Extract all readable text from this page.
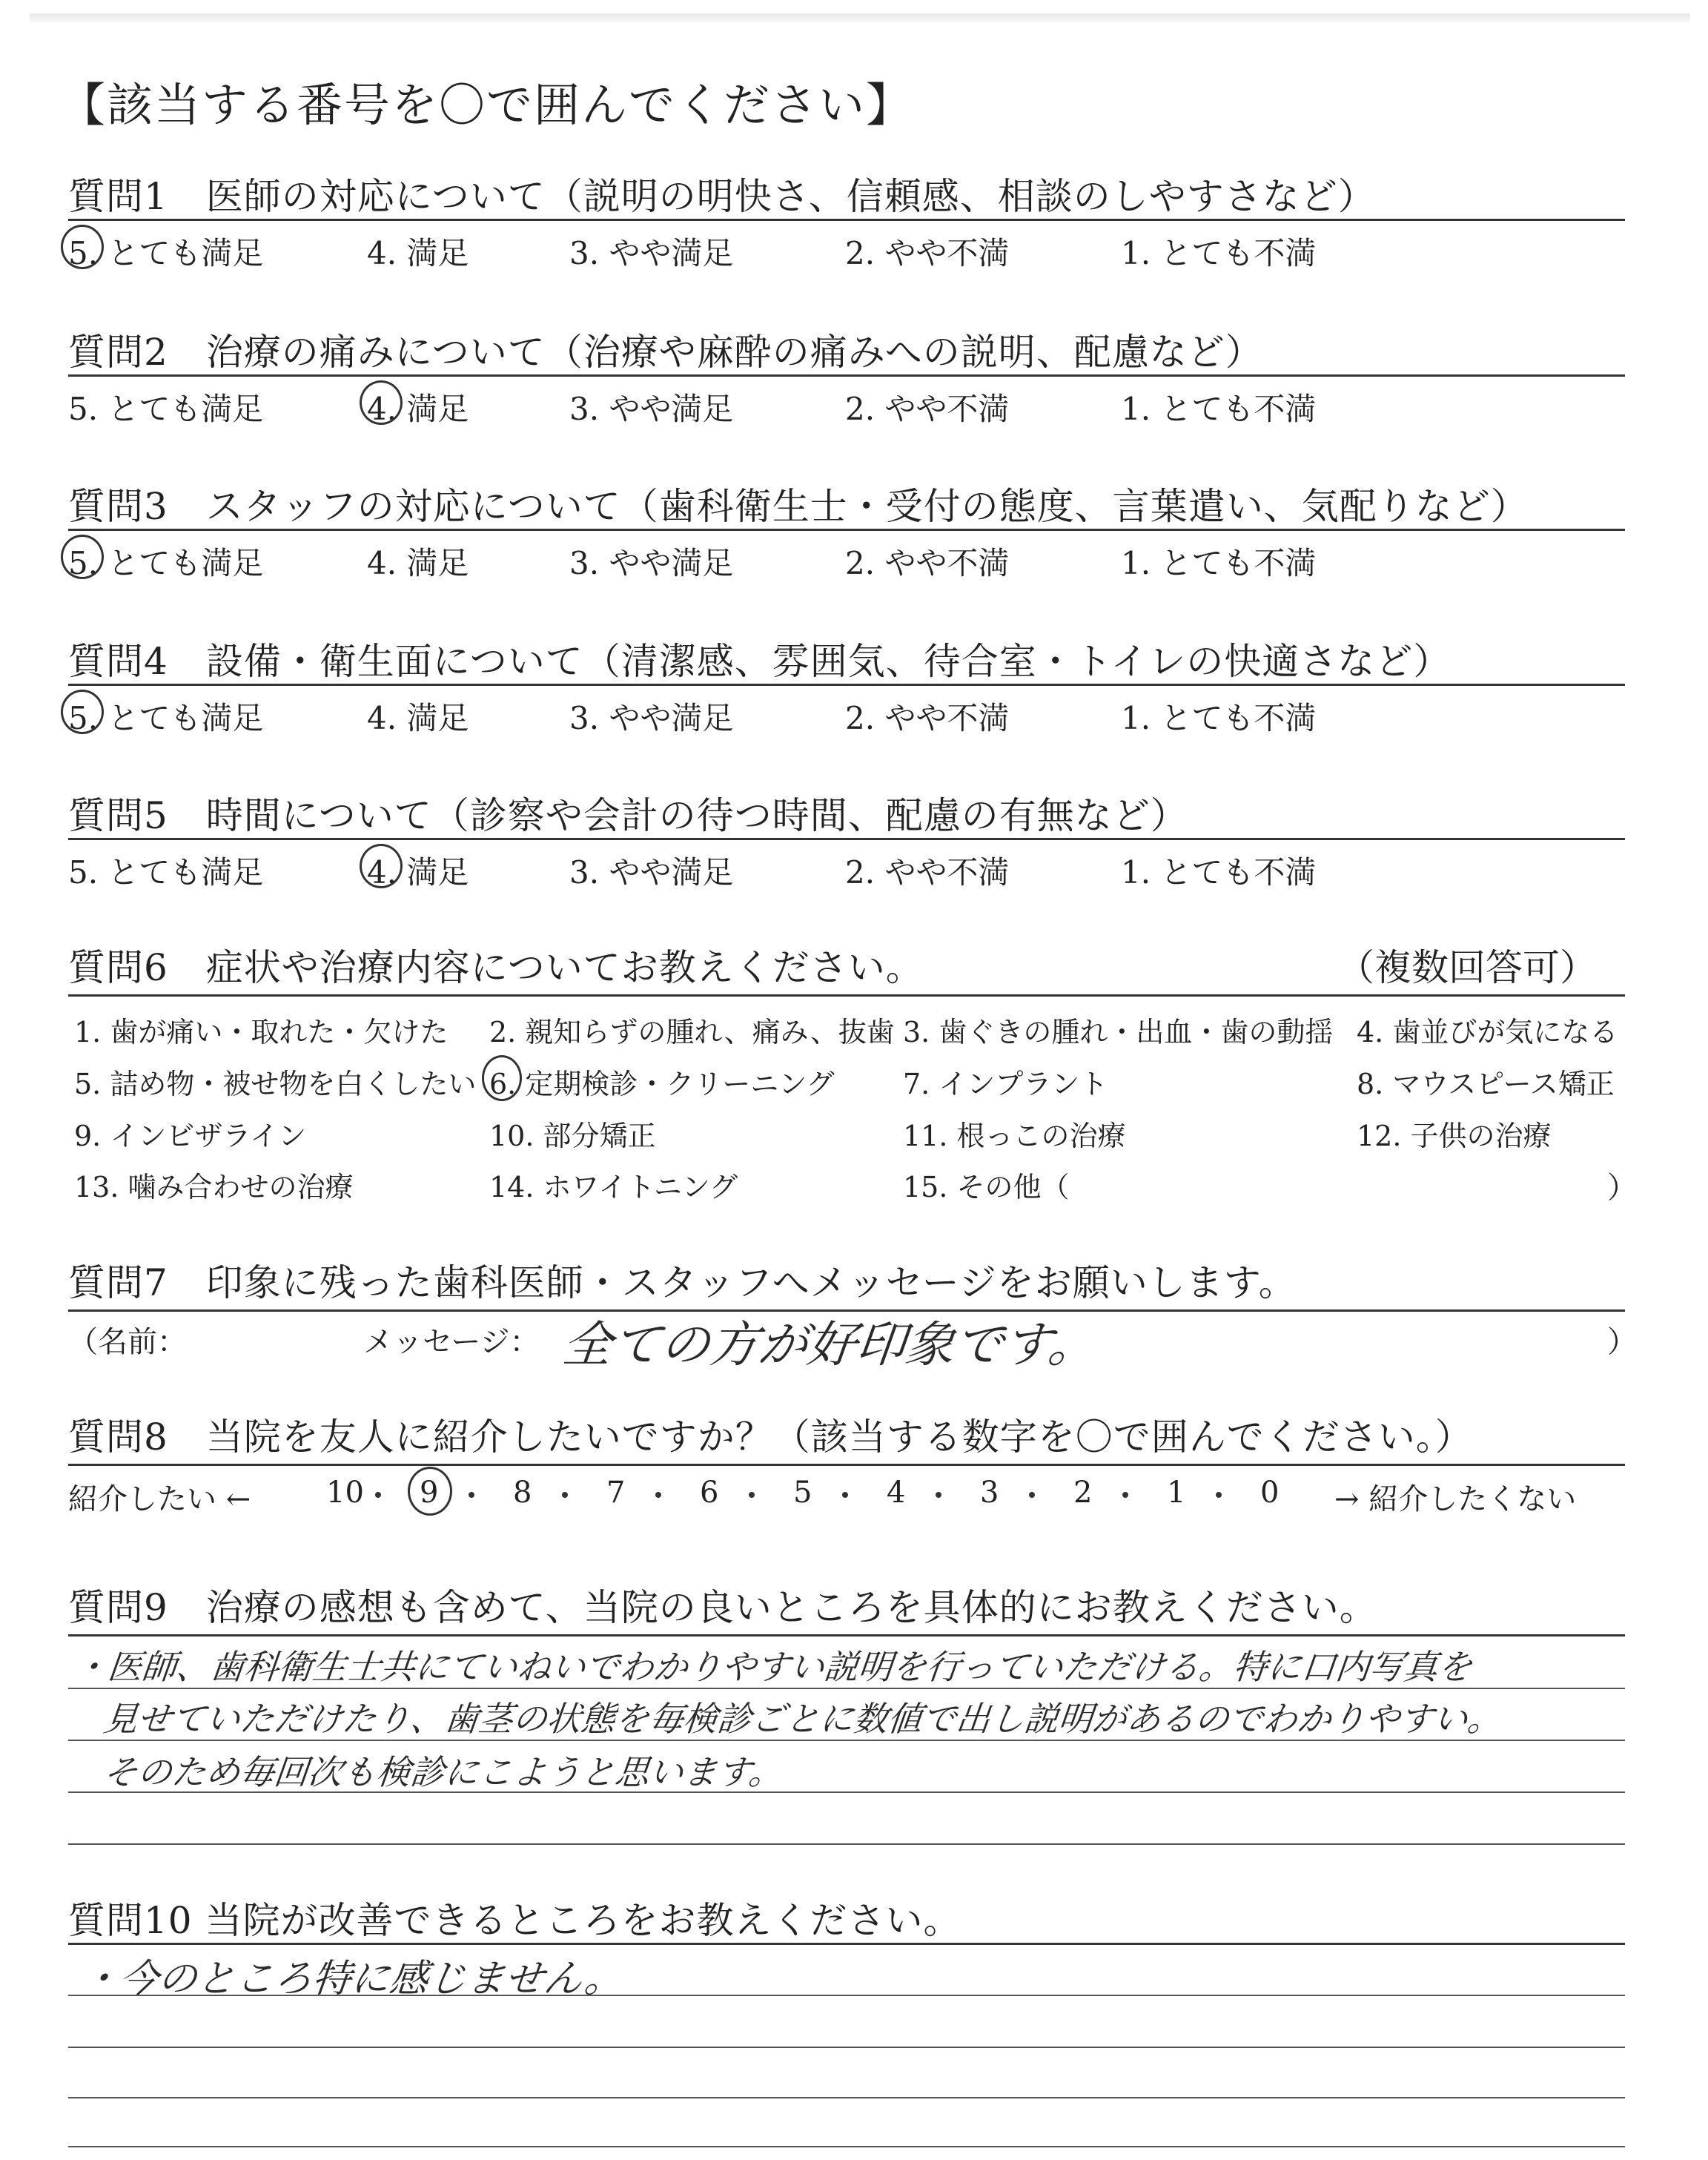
【該当する番号を〇で囲んでください】
質問1　医師の対応について（説明の明快さ、信頼感、相談のしやすさなど）
5. とても満足	4. 満足	3. やや満足	2. やや不満	1. とても不満
質問2　治療の痛みについて（治療や麻酔の痛みへの説明、配慮など）
5. とても満足	4. 満足	3. やや満足	2. やや不満	1. とても不満
質問3　スタッフの対応について（歯科衛生士・受付の態度、言葉遣い、気配りなど）
5. とても満足	4. 満足	3. やや満足	2. やや不満	1. とても不満
質問4　設備・衛生面について（清潔感、雰囲気、待合室・トイレの快適さなど）
5. とても満足	4. 満足	3. やや満足	2. やや不満	1. とても不満
質問5　時間について（診察や会計の待つ時間、配慮の有無など）
5. とても満足	4. 満足	3. やや満足	2. やや不満	1. とても不満
質問6　症状や治療内容についてお教えください。	（複数回答可）
1. 歯が痛い・取れた・欠けた 2. 親知らずの腫れ、痛み、抜歯 3. 歯ぐきの腫れ・出血・歯の動揺 4. 歯並びが気になる
5. 詰め物・被せ物を白くしたい 6. 定期検診・クリーニング 7. インプラント	8. マウスピース矯正
9. インビザライン	10. 部分矯正	11. 根っこの治療	12. 子供の治療
13. 噛み合わせの治療	14. ホワイトニング	15. その他（	）
質問7　印象に残った歯科医師・スタッフへメッセージをお願いします。
（名前：	メッセージ： 全ての方が好印象です。	）
質問8　当院を友人に紹介したいですか？（該当する数字を〇で囲んでください。）
紹介したい ←	→ 紹介したくない
10 9	8	7	6	5	4	3	2	1	0
質問9　治療の感想も含めて、当院の良いところを具体的にお教えください。
・医師、歯科衛生士共にていねいでわかりやすい説明を行っていただける。特に口内写真を
見せていただけたり、歯茎の状態を毎検診ごとに数値で出し説明があるのでわかりやすい。
そのため毎回次も検診にこようと思います。
質問10 当院が改善できるところをお教えください。
・今のところ特に感じません。
